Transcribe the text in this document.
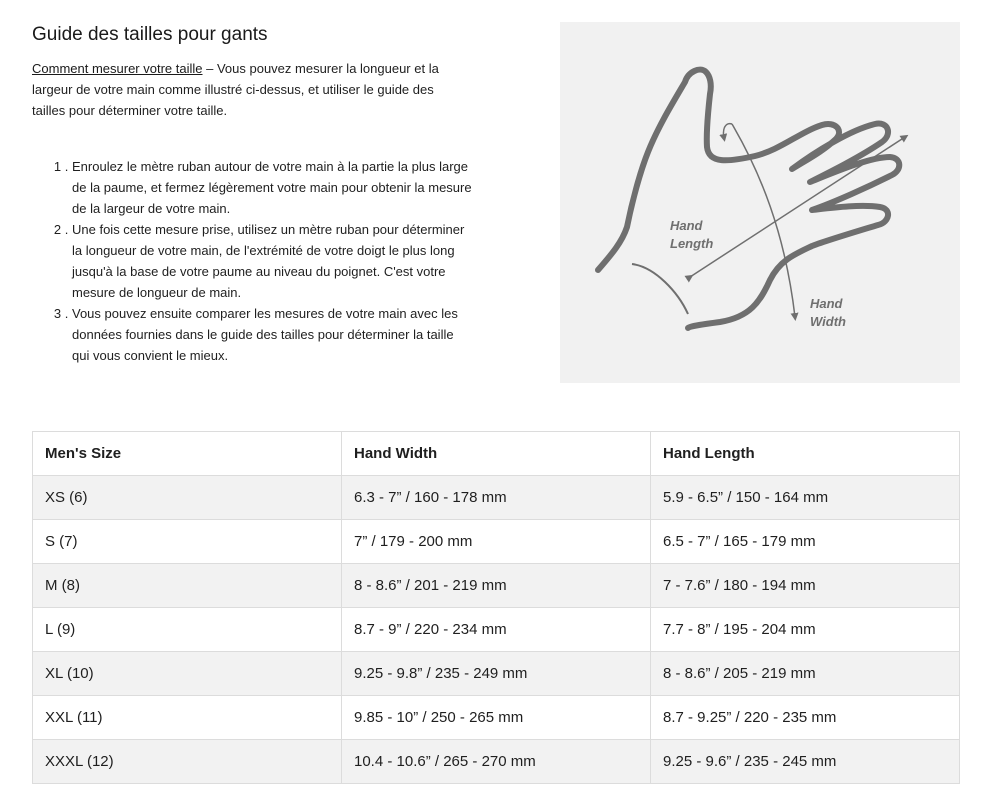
Guide des tailles pour gants

Comment mesurer votre taille – Vous pouvez mesurer la longueur et la largeur de votre main comme illustré ci-dessus, et utiliser le guide des tailles pour déterminer votre taille.

1 . Enroulez le mètre ruban autour de votre main à la partie la plus large de la paume, et fermez légèrement votre main pour obtenir la mesure de la largeur de votre main.
2 . Une fois cette mesure prise, utilisez un mètre ruban pour déterminer la longueur de votre main, de l'extrémité de votre doigt le plus long jusqu'à la base de votre paume au niveau du poignet. C'est votre mesure de longueur de main.
3 . Vous pouvez ensuite comparer les mesures de votre main avec les données fournies dans le guide des tailles pour déterminer la taille qui vous convient le mieux.
Hand
Length
Hand
Width
Men's Size	Hand Width	Hand Length
XS (6)	6.3 - 7” / 160 - 178 mm	5.9 - 6.5” / 150 - 164 mm
S (7)	7” / 179 - 200 mm	6.5 - 7” / 165 - 179 mm
M (8)	8 - 8.6” / 201 - 219 mm	7 - 7.6” / 180 - 194 mm
L (9)	8.7 - 9” / 220 - 234 mm	7.7 - 8” / 195 - 204 mm
XL (10)	9.25 - 9.8” / 235 - 249 mm	8 - 8.6” / 205 - 219 mm
XXL (11)	9.85 - 10” / 250 - 265 mm	8.7 - 9.25” / 220 - 235 mm
XXXL (12)	10.4 - 10.6” / 265 - 270 mm	9.25 - 9.6” / 235 - 245 mm
